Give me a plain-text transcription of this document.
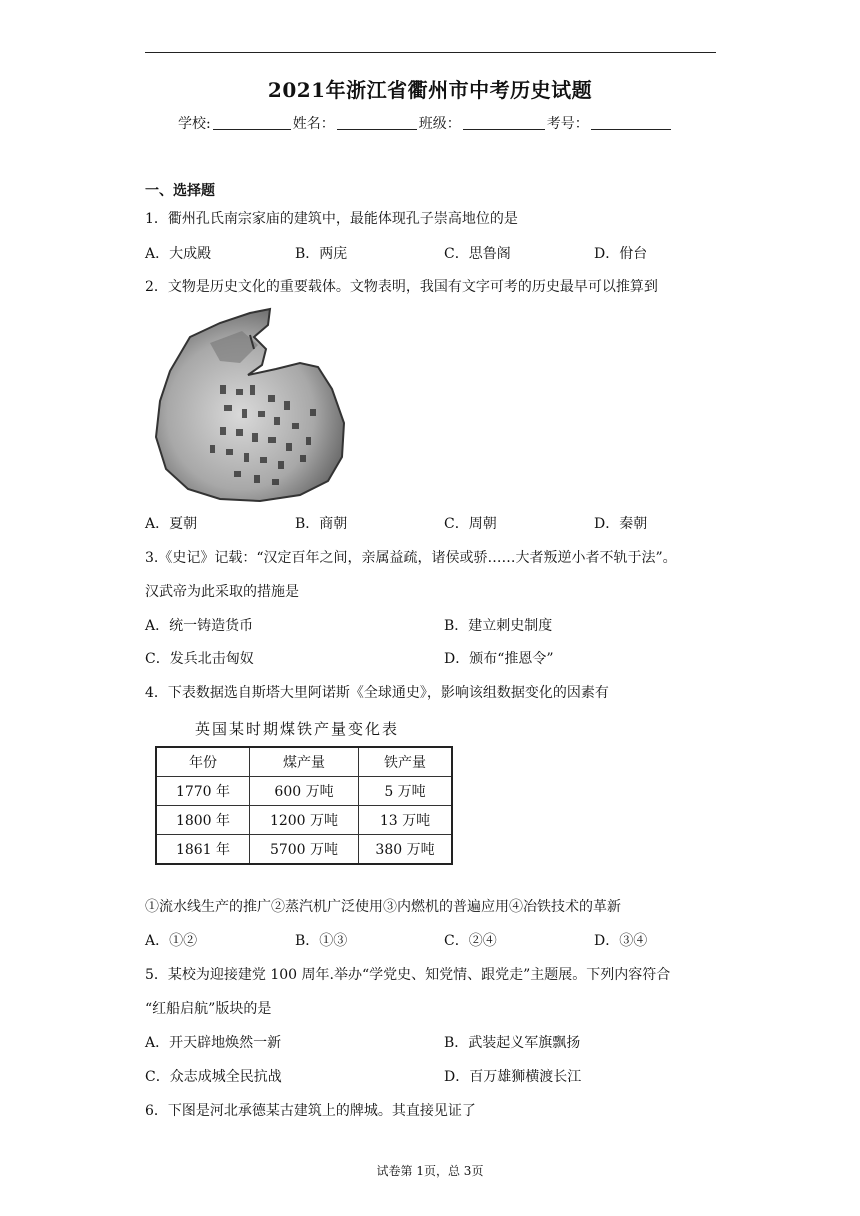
2021年浙江省衢州市中考历史试题
学校:	姓名：	班级：	考号：
一、选择题
1．衢州孔氏南宗家庙的建筑中，最能体现孔子崇高地位的是
A．大成殿	B．两庑	C．思鲁阁	D．佾台
2．文物是历史文化的重要载体。文物表明，我国有文字可考的历史最早可以推算到
A．夏朝	B．商朝	C．周朝	D．秦朝
3.《史记》记载：“汉定百年之间，亲属益疏，诸侯或骄……大者叛逆小者不轨于法”。
汉武帝为此采取的措施是
A．统一铸造货币	B．建立刺史制度
C．发兵北击匈奴	D．颁布“推恩令”
4．下表数据选自斯塔大里阿诺斯《全球通史》，影响该组数据变化的因素有
英国某时期煤铁产量变化表
年份	煤产量	铁产量
1770 年	600 万吨	5 万吨
1800 年	1200 万吨	13 万吨
1861 年	5700 万吨	380 万吨
①流水线生产的推广②蒸汽机广泛使用③内燃机的普遍应用④冶铁技术的革新
A．①②	B．①③	C．②④	D．③④
5．某校为迎接建党 100 周年.举办“学党史、知党情、跟党走”主题展。下列内容符合
“红船启航”版块的是
A．开天辟地焕然一新	B．武装起义军旗飘扬
C．众志成城全民抗战	D．百万雄狮横渡长江
6．下图是河北承德某古建筑上的牌城。其直接见证了
试卷第 1页，总 3页
